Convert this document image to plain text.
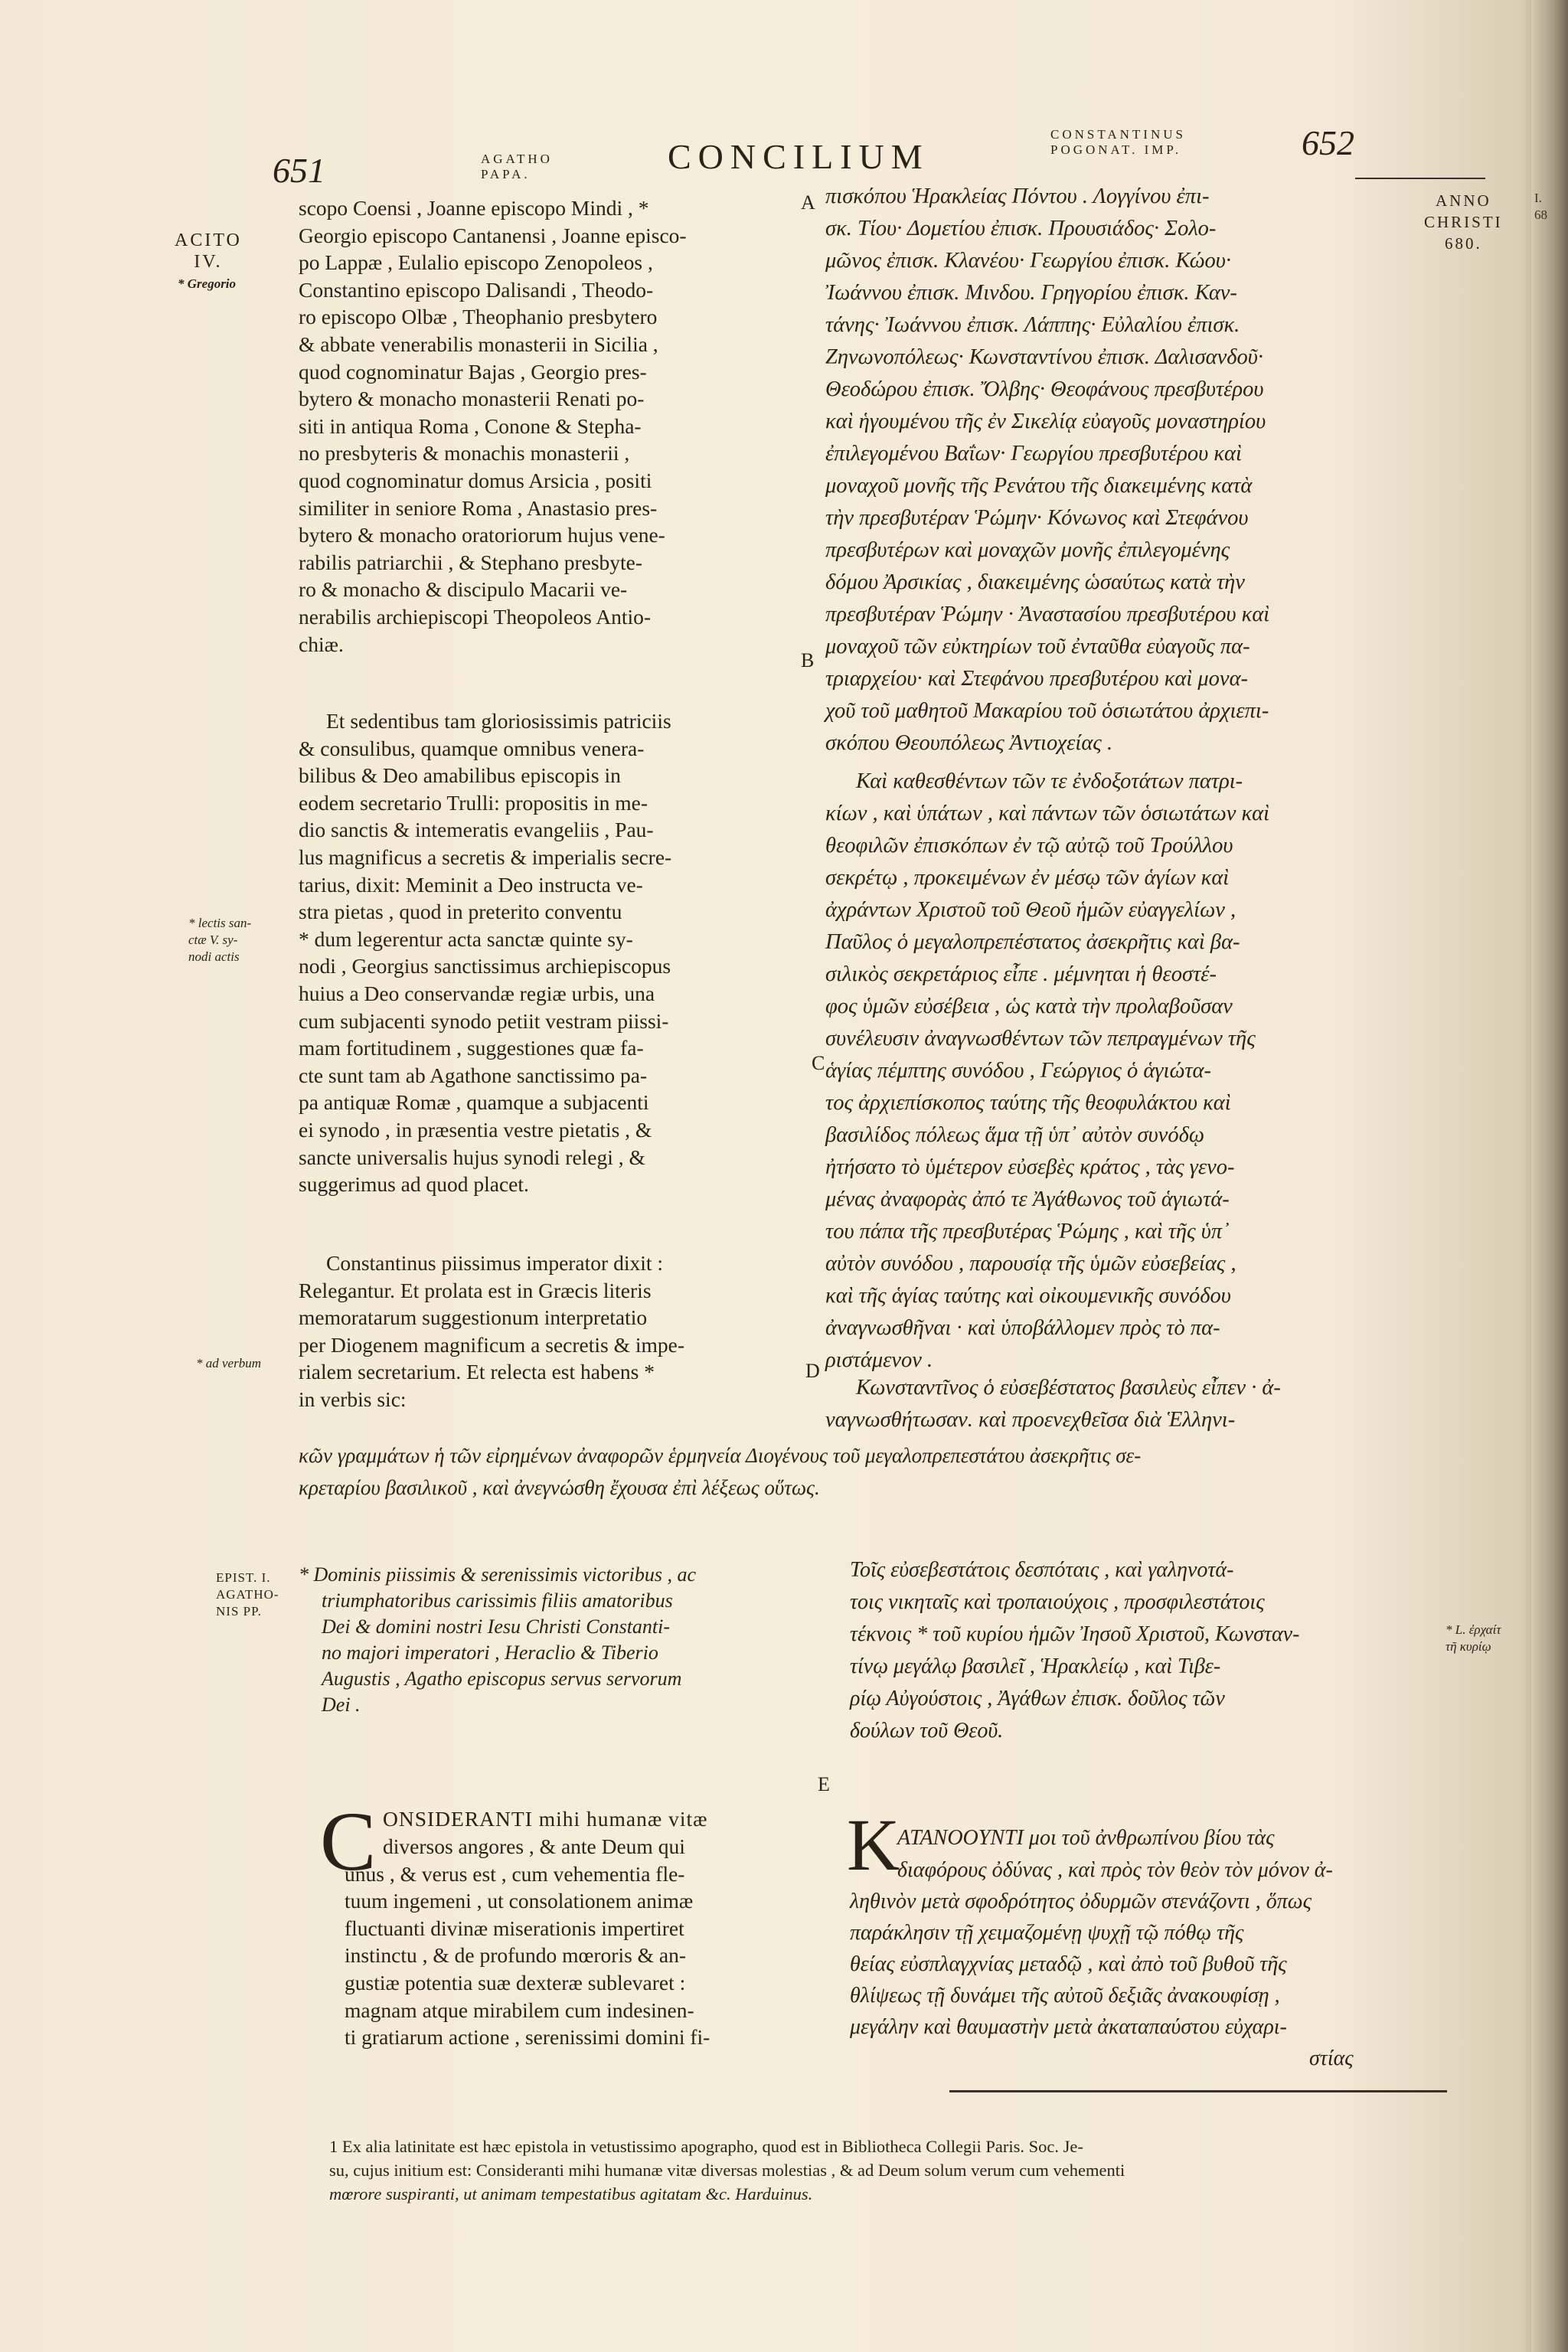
I.
68
651	AGATHO
PAPA.	CONCILIUM
CONSTANTINUS
POGONAT. IMP.	652
ACITO
IV.
* Gregorio
* lectis san-
ctæ V. sy-
nodi actis
* ad verbum
EPIST. I.
AGATHO-
NIS PP.
ANNO
CHRISTI
680.
* L. ἐρχαίτ
τῆ κυρίῳ
A
B
C
D
E

scopo Coensi , Joanne episcopo Mindi , *

Georgio episcopo Cantanensi , Joanne episco-

po Lappæ , Eulalio episcopo Zenopoleos ,

Constantino episcopo Dalisandi , Theodo-

ro episcopo Olbæ , Theophanio presbytero

& abbate venerabilis monasterii in Sicilia ,

quod cognominatur Bajas , Georgio pres-

bytero & monacho monasterii Renati po-

siti in antiqua Roma , Conone & Stepha-

no presbyteris & monachis monasterii ,

quod cognominatur domus Arsicia , positi

similiter in seniore Roma , Anastasio pres-

bytero & monacho oratoriorum hujus vene-

rabilis patriarchii , & Stephano presbyte-

ro & monacho & discipulo Macarii ve-

nerabilis archiepiscopi Theopoleos Antio-

chiæ.

Et sedentibus tam gloriosissimis patriciis

& consulibus, quamque omnibus venera-

bilibus & Deo amabilibus episcopis in

eodem secretario Trulli: propositis in me-

dio sanctis & intemeratis evangeliis , Pau-

lus magnificus a secretis & imperialis secre-

tarius, dixit: Meminit a Deo instructa ve-

stra pietas , quod in preterito conventu

* dum legerentur acta sanctæ quinte sy-

nodi , Georgius sanctissimus archiepiscopus

huius a Deo conservandæ regiæ urbis, una

cum subjacenti synodo petiit vestram piissi-

mam fortitudinem , suggestiones quæ fa-

cte sunt tam ab Agathone sanctissimo pa-

pa antiquæ Romæ , quamque a subjacenti

ei synodo , in præsentia vestre pietatis , &

sancte universalis hujus synodi relegi , &

suggerimus ad quod placet.

Constantinus piissimus imperator dixit :

Relegantur. Et prolata est in Græcis literis

memoratarum suggestionum interpretatio

per Diogenem magnificum a secretis & impe-

rialem secretarium. Et relecta est habens *

in verbis sic:

πισκόπου Ἡρακλείας Πόντου . Λογγίνου ἐπι-

σκ. Τίου· Δομετίου ἐπισκ. Προυσιάδος· Σολο-

μῶνος ἐπισκ. Κλανέου· Γεωργίου ἐπισκ. Κώου·

Ἰωάννου ἐπισκ. Μινδου. Γρηγορίου ἐπισκ. Καν-

τάνης· Ἰωάννου ἐπισκ. Λάππης· Εὐλαλίου ἐπισκ.

Ζηνωνοπόλεως· Κωνσταντίνου ἐπισκ. Δαλισανδοῦ·

Θεοδώρου ἐπισκ. Ὄλβης· Θεοφάνους πρεσβυτέρου

καὶ ἡγουμένου τῆς ἐν Σικελίᾳ εὐαγοῦς μοναστηρίου

ἐπιλεγομένου Βαΐων· Γεωργίου πρεσβυτέρου καὶ

μοναχοῦ μονῆς τῆς Ρενάτου τῆς διακειμένης κατὰ

τὴν πρεσβυτέραν Ῥώμην· Κόνωνος καὶ Στεφάνου

πρεσβυτέρων καὶ μοναχῶν μονῆς ἐπιλεγομένης

δόμου Ἀρσικίας , διακειμένης ὡσαύτως κατὰ τὴν

πρεσβυτέραν Ῥώμην · Ἀναστασίου πρεσβυτέρου καὶ

μοναχοῦ τῶν εὐκτηρίων τοῦ ἐνταῦθα εὐαγοῦς πα-

τριαρχείου· καὶ Στεφάνου πρεσβυτέρου καὶ μονα-

χοῦ τοῦ μαθητοῦ Μακαρίου τοῦ ὁσιωτάτου ἀρχιεπι-

σκόπου Θεουπόλεως Ἀντιοχείας .

Καὶ καθεσθέντων τῶν τε ἐνδοξοτάτων πατρι-

κίων , καὶ ὑπάτων , καὶ πάντων τῶν ὁσιωτάτων καὶ

θεοφιλῶν ἐπισκόπων ἐν τῷ αὐτῷ τοῦ Τρούλλου

σεκρέτῳ , προκειμένων ἐν μέσῳ τῶν ἁγίων καὶ

ἀχράντων Χριστοῦ τοῦ Θεοῦ ἡμῶν εὐαγγελίων ,

Παῦλος ὁ μεγαλοπρεπέστατος ἀσεκρῆτις καὶ βα-

σιλικὸς σεκρετάριος εἶπε . μέμνηται ἡ θεοστέ-

φος ὑμῶν εὐσέβεια , ὡς κατὰ τὴν προλαβοῦσαν

συνέλευσιν ἀναγνωσθέντων τῶν πεπραγμένων τῆς

ἁγίας πέμπτης συνόδου , Γεώργιος ὁ ἁγιώτα-

τος ἀρχιεπίσκοπος ταύτης τῆς θεοφυλάκτου καὶ

βασιλίδος πόλεως ἅμα τῇ ὑπ᾽ αὐτὸν συνόδῳ

ἠτήσατο τὸ ὑμέτερον εὐσεβὲς κράτος , τὰς γενο-

μένας ἀναφορὰς ἀπό τε Ἀγάθωνος τοῦ ἁγιωτά-

του πάπα τῆς πρεσβυτέρας Ῥώμης , καὶ τῆς ὑπ᾽

αὐτὸν συνόδου , παρουσίᾳ τῆς ὑμῶν εὐσεβείας ,

καὶ τῆς ἁγίας ταύτης καὶ οἰκουμενικῆς συνόδου

ἀναγνωσθῆναι · καὶ ὑποβάλλομεν πρὸς τὸ πα-

ριστάμενον .

Κωνσταντῖνος ὁ εὐσεβέστατος βασιλεὺς εἶπεν · ἀ-

ναγνωσθήτωσαν. καὶ προενεχθεῖσα διὰ Ἑλληνι-

κῶν γραμμάτων ἡ τῶν εἰρημένων ἀναφορῶν ἑρμηνεία Διογένους τοῦ μεγαλοπρεπεστάτου ἀσεκρῆτις σε-

κρεταρίου βασιλικοῦ , καὶ ἀνεγνώσθη ἔχουσα ἐπὶ λέξεως οὕτως.

* Dominis piissimis & serenissimis victoribus , ac

triumphatoribus carissimis filiis amatoribus

Dei & domini nostri Iesu Christi Constanti-

no majori imperatori , Heraclio & Tiberio

Augustis , Agatho episcopus servus servorum

Dei .

Τοῖς εὐσεβεστάτοις δεσπόταις , καὶ γαληνοτά-

τοις νικηταῖς καὶ τροπαιούχοις , προσφιλεστάτοις

τέκνοις * τοῦ κυρίου ἡμῶν Ἰησοῦ Χριστοῦ, Κωνσταν-

τίνῳ μεγάλῳ βασιλεῖ , Ἡρακλείῳ , καὶ Τιβε-

ρίῳ Αὐγούστοις , Ἀγάθων ἐπισκ. δοῦλος τῶν

δούλων τοῦ Θεοῦ.

C ONSIDERANTI mihi humanæ vitæ

diversos angores , & ante Deum qui

unus , & verus est , cum vehementia fle-

tuum ingemeni , ut consolationem animæ

fluctuanti divinæ miserationis impertiret

instinctu , & de profundo mœroris & an-

gustiæ potentia suæ dexteræ sublevaret :

magnam atque mirabilem cum indesinen-

ti gratiarum actione , serenissimi domini fi-

K
ATANOOYNTI μοι τοῦ ἀνθρωπίνου βίου τὰς

διαφόρους ὀδύνας , καὶ πρὸς τὸν θεὸν τὸν μόνον ἀ-

ληθινὸν μετὰ σφοδρότητος ὀδυρμῶν στενάζοντι , ὅπως

παράκλησιν τῇ χειμαζομένῃ ψυχῇ τῷ πόθῳ τῆς

θείας εὐσπλαγχνίας μεταδῷ , καὶ ἀπὸ τοῦ βυθοῦ τῆς

θλίψεως τῇ δυνάμει τῆς αὐτοῦ δεξιᾶς ἀνακουφίσῃ ,

μεγάλην καὶ θαυμαστὴν μετὰ ἀκαταπαύστου εὐχαρι-

στίας

1 Ex alia latinitate est hæc epistola in vetustissimo apographo, quod est in Bibliotheca Collegii Paris. Soc. Je-

su, cujus initium est: Consideranti mihi humanæ vitæ diversas molestias , & ad Deum solum verum cum vehementi

mœrore suspiranti, ut animam tempestatibus agitatam &c. Harduinus.
